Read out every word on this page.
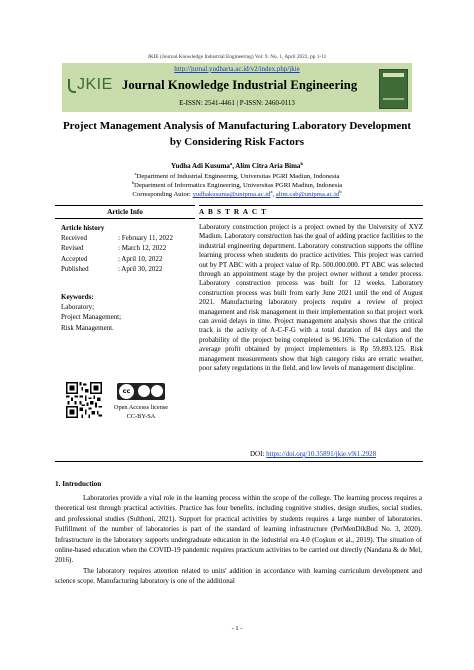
JKIE (Journal Knowledge Industrial Engineering) Vol: 9. No. 1, April 2022, pp 1-11
http://jurnal.yudharta.ac.id/v2/index.php/jkie
JKIE Journal Knowledge Industrial Engineering
E-ISSN: 2541-4461 | P-ISSN: 2460-0113
Project Management Analysis of Manufacturing Laboratory Development
by Considering Risk Factors
Yudha Adi Kusuma$^a$, Alim Citra Aria Bima$^b$
$^a$Department of Industrial Engineering, Universitas PGRI Madiun, Indonesia
$^b$Department of Informatics Engineering, Universitas PGRI Madiun, Indonesia
Corresponding Autor: $yudhakusuma@unipma.ac.id^a$, $alim.cab@unipma.ac.id^b$
Article Info	A B S T R A C T
Article history
Received	: February 11, 2022
Revised	: March 12, 2022
Accepted	: April 10, 2022
Published	: April 30, 2022
Keywords:
Laboratory;
Project Management;
Risk Management.
cc
Open Accesss license
CC-BY-SA
Laboratory construction project is a project owned by the University of XYZ Madiun. Laboratory construction has the goal of adding practice facilities to the industrial engineering department. Laboratory construction supports the offline learning process when students do practice activities. This project was carried out by PT ABC with a project value of Rp. 500.000.000. PT ABC was selected through an appointment stage by the project owner without a tender process. Laboratory construction process was built for 12 weeks. Laboratory construction process was built from early June 2021 until the end of August 2021. Manufacturing laboratory projects require a review of project management and risk management in their implementation so that project work can avoid delays in time. Project management analysis shows that the critical track is the activity of A-C-F-G with a total duration of 84 days and the probability of the project being completed is 96.16%. The calculation of the average profit obtained by project implementers is Rp 59.893.125. Risk management measurements show that high category risks are erratic weather, poor safety regulations in the field, and low levels of management discipline.
DOI: https://doi.org/10.35891/jkie.v9i1.2928
1. Introduction

Laboratories provide a vital role in the learning process within the scope of the college. The learning process requires a theoretical test through practical activities. Practice has four benefits, including cognitive studies, design studies, social studies, and professional studies (Sulthoni, 2021). Support for practical activities by students requires a large number of laboratories. Fulfillment of the number of laboratories is part of the standard of learning infrastructure (PerMenDikBud No. 3, 2020). Infrastructure in the laboratory supports undergraduate education in the industrial era 4.0 (Coşkun et al., 2019). The situation of online-based education when the COVID-19 pandemic requires practicum activities to be carried out directly (Nandana & de Mel, 2016).

The laboratory requires attention related to units' addition in accordance with learning curriculum development and science scope. Manufacturing laboratory is one of the additional

- 1 -
